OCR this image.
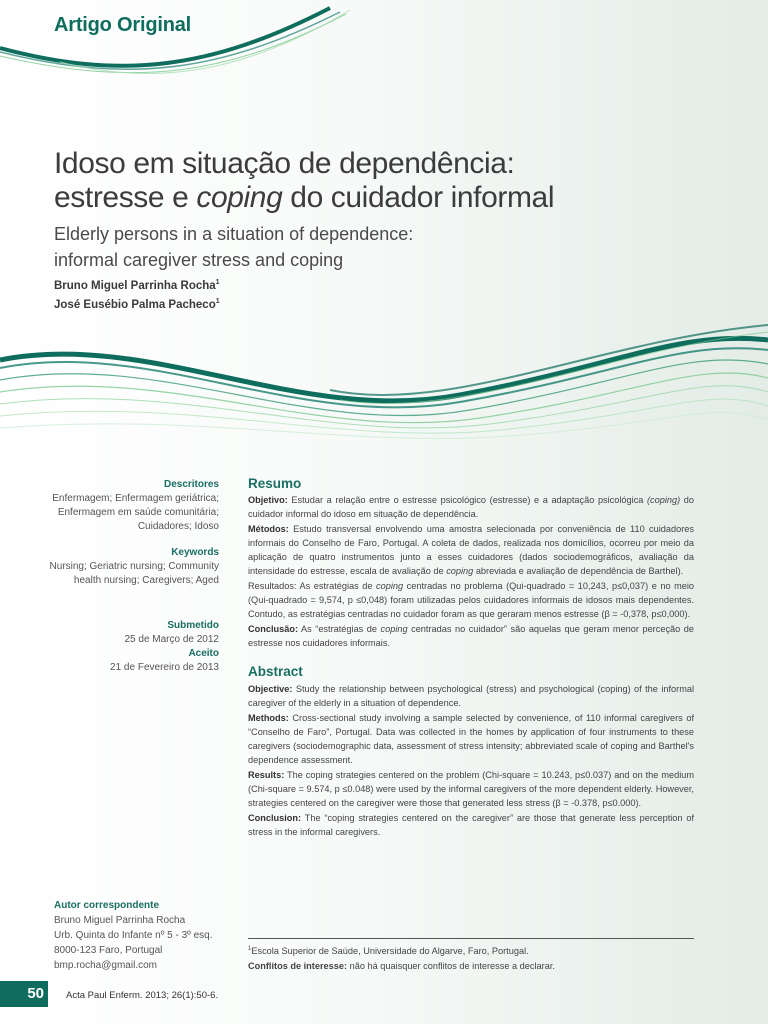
Artigo Original
Idoso em situação de dependência:
estresse e coping do cuidador informal
Elderly persons in a situation of dependence:
informal caregiver stress and coping
Bruno Miguel Parrinha Rocha$^1$
José Eusébio Palma Pacheco$^1$
Descritores
Enfermagem; Enfermagem geriátrica;
Enfermagem em saúde comunitária;
Cuidadores; Idoso
Keywords
Nursing; Geriatric nursing; Community
health nursing; Caregivers; Aged
Submetido
25 de Março de 2012
Aceito
21 de Fevereiro de 2013
Resumo
Objetivo: Estudar a relação entre o estresse psicológico (estresse) e a adaptação psicológica (coping) do cuidador informal do idoso em situação de dependência.
Métodos: Estudo transversal envolvendo uma amostra selecionada por conveniência de 110 cuidadores informais do Conselho de Faro, Portugal. A coleta de dados, realizada nos domicílios, ocorreu por meio da aplicação de quatro instrumentos junto a esses cuidadores (dados sociodemográficos, avaliação da intensidade do estresse, escala de avaliação de coping abreviada e avaliação de dependência de Barthel).
Resultados: As estratégias de coping centradas no problema (Qui-quadrado = 10,243, p≤0,037) e no meio (Qui-quadrado = 9,574, p ≤0,048) foram utilizadas pelos cuidadores informais de idosos mais dependentes. Contudo, as estratégias centradas no cuidador foram as que geraram menos estresse (β = -0,378, p≤0,000).
Conclusão: As “estratégias de coping centradas no cuidador” são aquelas que geram menor perceção de estresse nos cuidadores informais.
Abstract
Objective: Study the relationship between psychological (stress) and psychological (coping) of the informal caregiver of the elderly in a situation of dependence.
Methods: Cross-sectional study involving a sample selected by convenience, of 110 informal caregivers of “Conselho de Faro”, Portugal. Data was collected in the homes by application of four instruments to these caregivers (sociodemographic data, assessment of stress intensity; abbreviated scale of coping and Barthel's dependence assessment.
Results: The coping strategies centered on the problem (Chi-square = 10.243, p≤0.037) and on the medium (Chi-square = 9.574, p ≤0.048) were used by the informal caregivers of the more dependent elderly. However, strategies centered on the caregiver were those that generated less stress (β = -0.378, p≤0.000).
Conclusion: The “coping strategies centered on the caregiver” are those that generate less perception of stress in the informal caregivers.
Autor correspondente
Bruno Miguel Parrinha Rocha
Urb. Quinta do Infante nº 5 - 3º esq.
8000-123 Faro, Portugal
bmp.rocha@gmail.com
$^1$Escola Superior de Saúde, Universidade do Algarve, Faro, Portugal.
Conflitos de interesse: não há quaisquer conflitos de interesse a declarar.
50	Acta Paul Enferm. 2013; 26(1):50-6.
